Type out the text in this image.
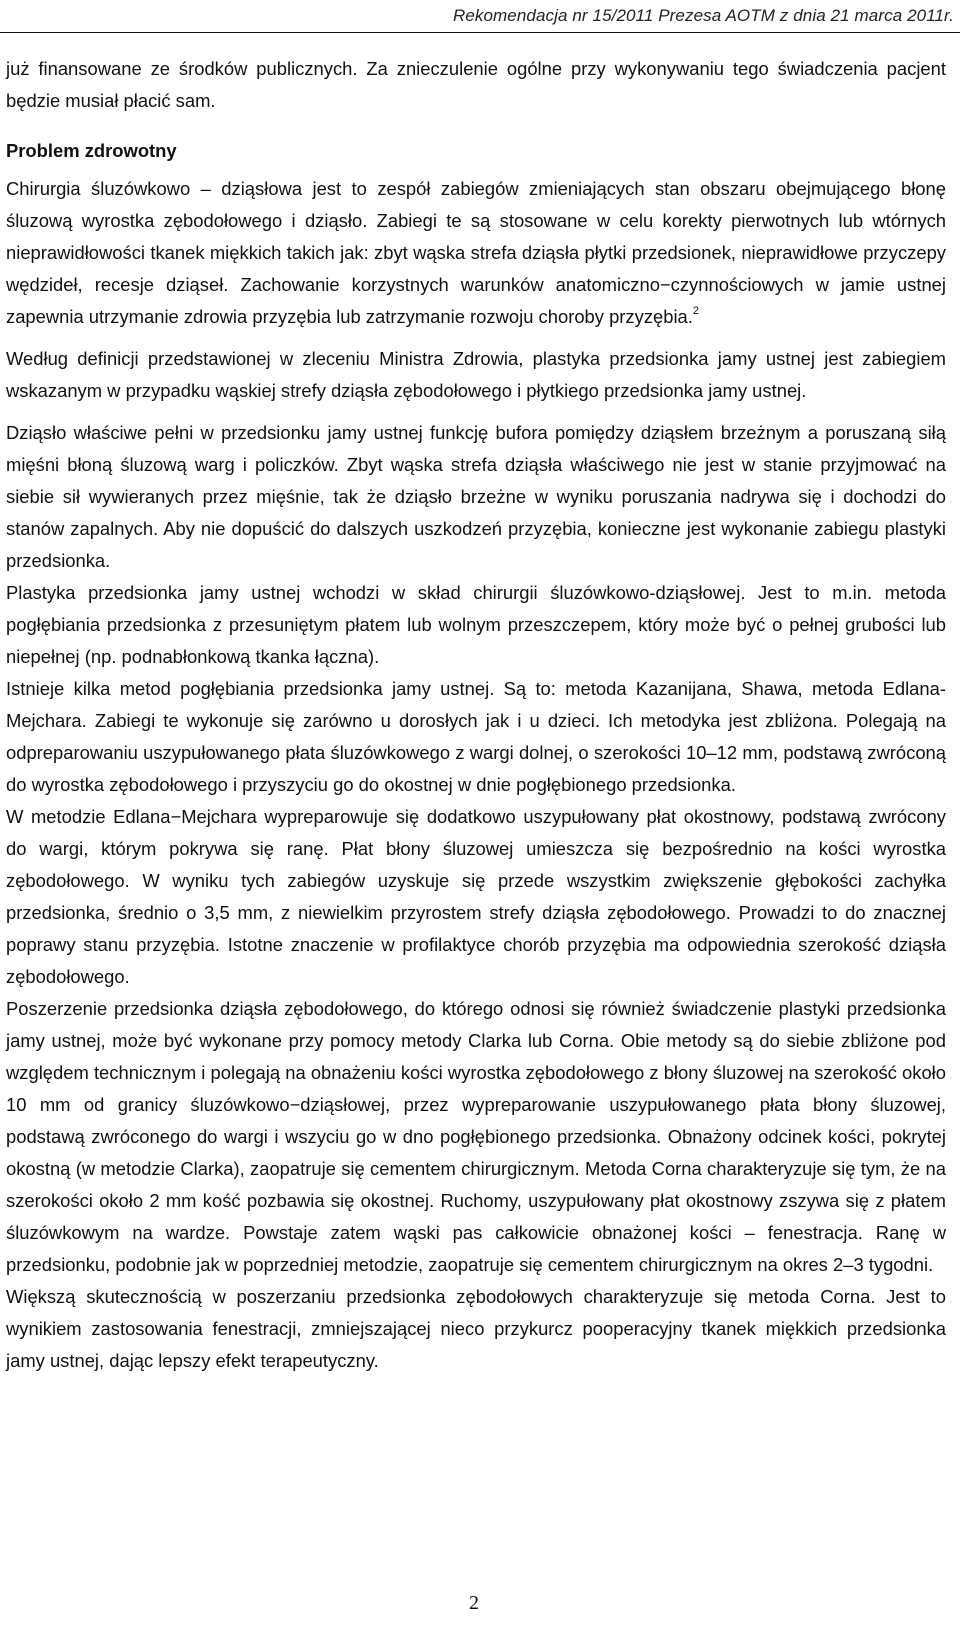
Rekomendacja nr 15/2011 Prezesa AOTM z dnia 21 marca 2011r.

już finansowane ze środków publicznych. Za znieczulenie ogólne przy wykonywaniu tego świadczenia pacjent będzie musiał płacić sam.

Problem zdrowotny

Chirurgia śluzówkowo – dziąsłowa jest to zespół zabiegów zmieniających stan obszaru obejmującego błonę śluzową wyrostka zębodołowego i dziąsło. Zabiegi te są stosowane w celu korekty pierwotnych lub wtórnych nieprawidłowości tkanek miękkich takich jak: zbyt wąska strefa dziąsła płytki przedsionek, nieprawidłowe przyczepy wędzideł, recesje dziąseł. Zachowanie korzystnych warunków anatomiczno−czynnościowych w jamie ustnej zapewnia utrzymanie zdrowia przyzębia lub zatrzymanie rozwoju choroby przyzębia.$^2$

Według definicji przedstawionej w zleceniu Ministra Zdrowia, plastyka przedsionka jamy ustnej jest zabiegiem wskazanym w przypadku wąskiej strefy dziąsła zębodołowego i płytkiego przedsionka jamy ustnej.

Dziąsło właściwe pełni w przedsionku jamy ustnej funkcję bufora pomiędzy dziąsłem brzeżnym a poruszaną siłą mięśni błoną śluzową warg i policzków. Zbyt wąska strefa dziąsła właściwego nie jest w stanie przyjmować na siebie sił wywieranych przez mięśnie, tak że dziąsło brzeżne w wyniku poruszania nadrywa się i dochodzi do stanów zapalnych. Aby nie dopuścić do dalszych uszkodzeń przyzębia, konieczne jest wykonanie zabiegu plastyki przedsionka.

Plastyka przedsionka jamy ustnej wchodzi w skład chirurgii śluzówkowo-dziąsłowej. Jest to m.in. metoda pogłębiania przedsionka z przesuniętym płatem lub wolnym przeszczepem, który może być o pełnej grubości lub niepełnej (np. podnabłonkową tkanka łączna).

Istnieje kilka metod pogłębiania przedsionka jamy ustnej. Są to: metoda Kazanijana, Shawa, metoda Edlana-Mejchara. Zabiegi te wykonuje się zarówno u dorosłych jak i u dzieci. Ich metodyka jest zbliżona. Polegają na odpreparowaniu uszypułowanego płata śluzówkowego z wargi dolnej, o szerokości 10–12 mm, podstawą zwróconą do wyrostka zębodołowego i przyszyciu go do okostnej w dnie pogłębionego przedsionka.

W metodzie Edlana−Mejchara wypreparowuje się dodatkowo uszypułowany płat okostnowy, podstawą zwrócony do wargi, którym pokrywa się ranę. Płat błony śluzowej umieszcza się bezpośrednio na kości wyrostka zębodołowego. W wyniku tych zabiegów uzyskuje się przede wszystkim zwiększenie głębokości zachyłka przedsionka, średnio o 3,5 mm, z niewielkim przyrostem strefy dziąsła zębodołowego. Prowadzi to do znacznej poprawy stanu przyzębia. Istotne znaczenie w profilaktyce chorób przyzębia ma odpowiednia szerokość dziąsła zębodołowego.

Poszerzenie przedsionka dziąsła zębodołowego, do którego odnosi się również świadczenie plastyki przedsionka jamy ustnej, może być wykonane przy pomocy metody Clarka lub Corna. Obie metody są do siebie zbliżone pod względem technicznym i polegają na obnażeniu kości wyrostka zębodołowego z błony śluzowej na szerokość około 10 mm od granicy śluzówkowo−dziąsłowej, przez wypreparowanie uszypułowanego płata błony śluzowej, podstawą zwróconego do wargi i wszyciu go w dno pogłębionego przedsionka. Obnażony odcinek kości, pokrytej okostną (w metodzie Clarka), zaopatruje się cementem chirurgicznym. Metoda Corna charakteryzuje się tym, że na szerokości około 2 mm kość pozbawia się okostnej. Ruchomy, uszypułowany płat okostnowy zszywa się z płatem śluzówkowym na wardze. Powstaje zatem wąski pas całkowicie obnażonej kości – fenestracja. Ranę w przedsionku, podobnie jak w poprzedniej metodzie, zaopatruje się cementem chirurgicznym na okres 2–3 tygodni.

Większą skutecznością w poszerzaniu przedsionka zębodołowych charakteryzuje się metoda Corna. Jest to wynikiem zastosowania fenestracji, zmniejszającej nieco przykurcz pooperacyjny tkanek miękkich przedsionka jamy ustnej, dając lepszy efekt terapeutyczny.

2
